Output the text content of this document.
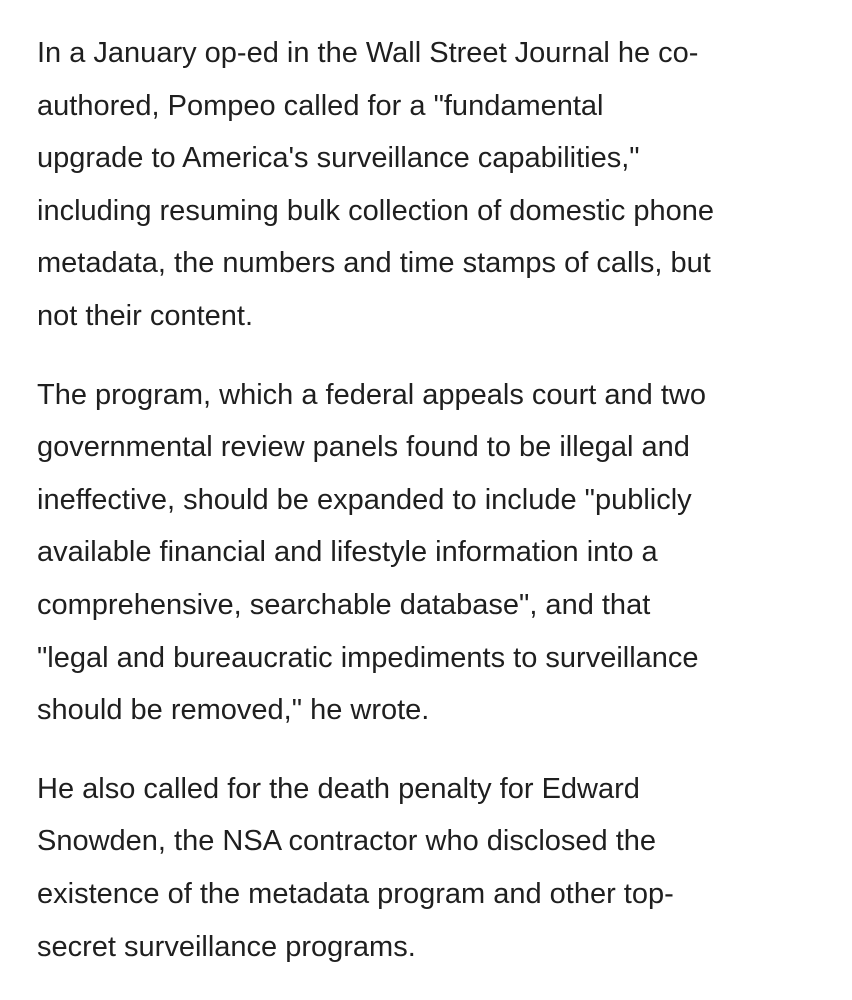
In a January op-ed in the Wall Street Journal he co-
authored, Pompeo called for a "fundamental
upgrade to America's surveillance capabilities,"
including resuming bulk collection of domestic phone
metadata, the numbers and time stamps of calls, but
not their content.

The program, which a federal appeals court and two
governmental review panels found to be illegal and
ineffective, should be expanded to include "publicly
available financial and lifestyle information into a
comprehensive, searchable database", and that
"legal and bureaucratic impediments to surveillance
should be removed," he wrote.

He also called for the death penalty for Edward
Snowden, the NSA contractor who disclosed the
existence of the metadata program and other top-
secret surveillance programs.
